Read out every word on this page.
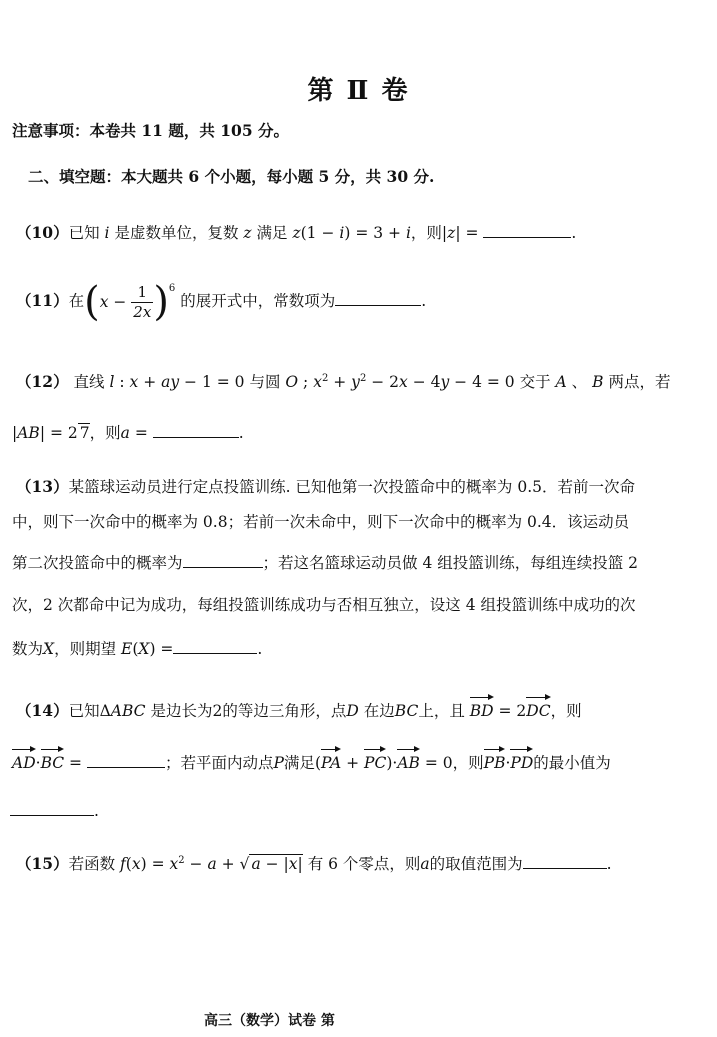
第 Ⅱ 卷
注意事项：本卷共 11 题，共 105 分。
二、填空题：本大题共 6 个小题，每小题 5 分，共 30 分.
（10）已知 i 是虚数单位，复数 z 满足 z(1 − i) = 3 + i，则|z| =	.
（11）在$(x - \frac{1}{2x} )^6$ 的展开式中，常数项为	.
（12） 直线 l : x + ay − 1 = 0 与圆 O ; $x^2 + y^2 - 2x - 4y - 4 = 0$ 交于 A 、 B 两点，若
|AB| = 2 7，则a =	.
（13）某篮球运动员进行定点投篮训练. 已知他第一次投篮命中的概率为 0.5．若前一次命
中，则下一次命中的概率为 0.8；若前一次未命中，则下一次命中的概率为 0.4．该运动员
第二次投篮命中的概率为	；若这名篮球运动员做 4 组投篮训练，每组连续投篮 2
次，2 次都命中记为成功，每组投篮训练成功与否相互独立，设这 4 组投篮训练中成功的次
数为X，则期望 E(X) =	.
（14）已知ΔABC 是边长为2的等边三角形，点D 在边BC上，且 BD = 2DC，则
AD·BC =	；若平面内动点P满足(PA + PC)·AB = 0，则PB·PD的最小值为
.
（15）若函数 $f(x) = x^2 - a$ + √ a − |x| 有 6 个零点，则a的取值范围为	.
高三（数学）试卷 第
